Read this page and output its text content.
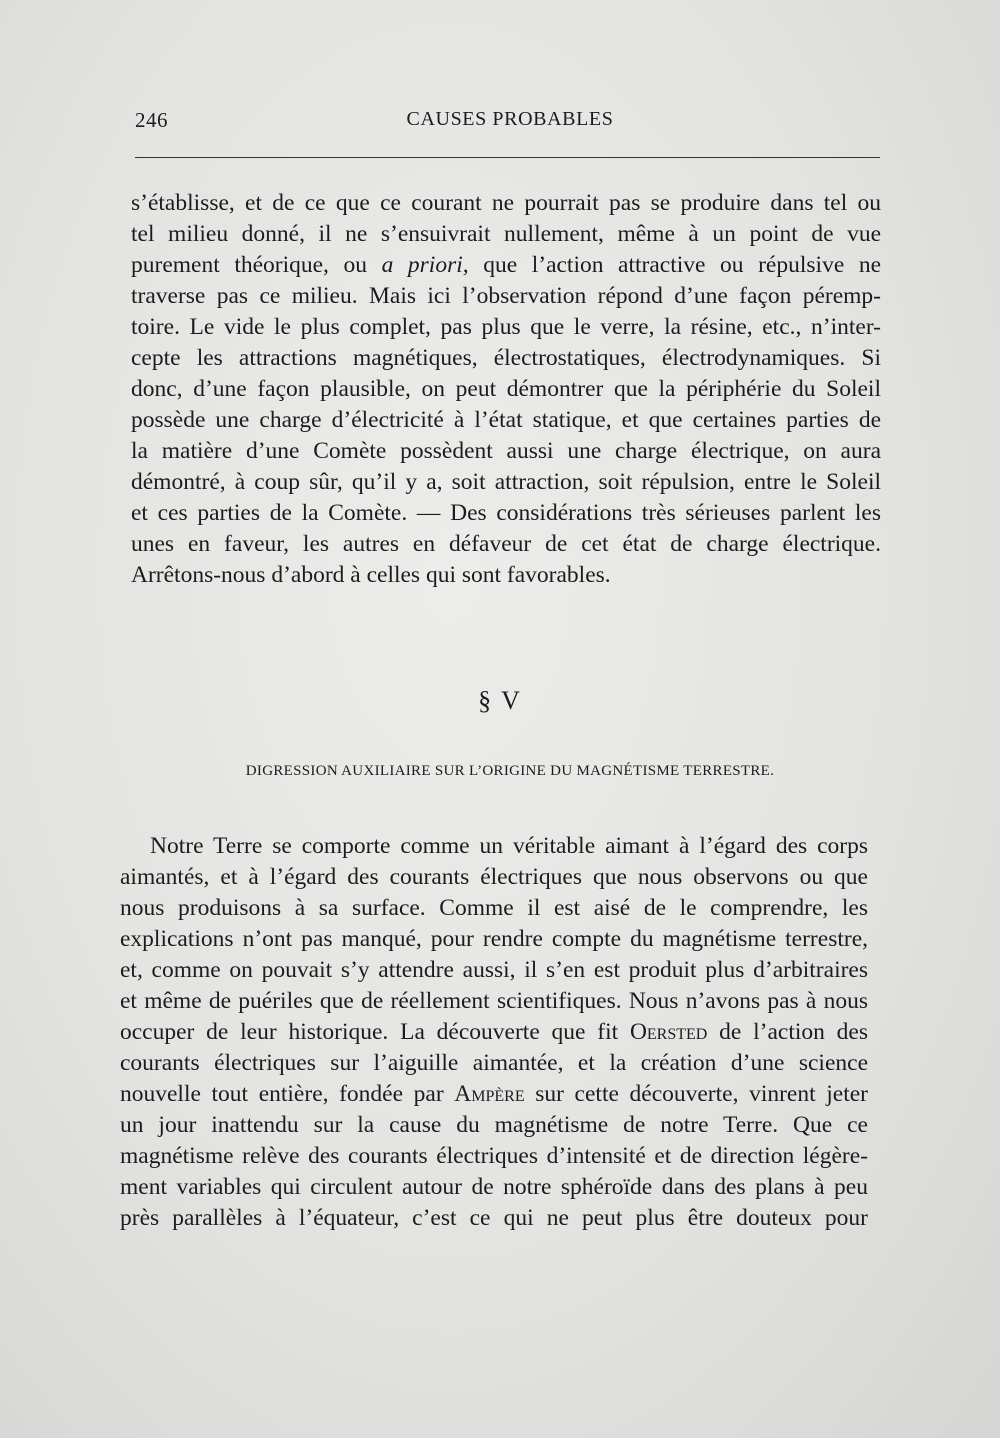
246	CAUSES PROBABLES
s’établisse, et de ce que ce courant ne pourrait pas se produire dans tel ou
tel milieu donné, il ne s’ensuivrait nullement, même à un point de vue
purement théorique, ou a priori, que l’action attractive ou répulsive ne
traverse pas ce milieu. Mais ici l’observation répond d’une façon péremp-
toire. Le vide le plus complet, pas plus que le verre, la résine, etc., n’inter-
cepte les attractions magnétiques, électrostatiques, électrodynamiques. Si
donc, d’une façon plausible, on peut démontrer que la périphérie du Soleil
possède une charge d’électricité à l’état statique, et que certaines parties de
la matière d’une Comète possèdent aussi une charge électrique, on aura
démontré, à coup sûr, qu’il y a, soit attraction, soit répulsion, entre le Soleil
et ces parties de la Comète. — Des considérations très sérieuses parlent les
unes en faveur, les autres en défaveur de cet état de charge électrique.
Arrêtons-nous d’abord à celles qui sont favorables.
§ V
DIGRESSION AUXILIAIRE SUR L’ORIGINE DU MAGNÉTISME TERRESTRE.
Notre Terre se comporte comme un véritable aimant à l’égard des corps
aimantés, et à l’égard des courants électriques que nous observons ou que
nous produisons à sa surface. Comme il est aisé de le comprendre, les
explications n’ont pas manqué, pour rendre compte du magnétisme terrestre,
et, comme on pouvait s’y attendre aussi, il s’en est produit plus d’arbitraires
et même de puériles que de réellement scientifiques. Nous n’avons pas à nous
occuper de leur historique. La découverte que fit Oersted de l’action des
courants électriques sur l’aiguille aimantée, et la création d’une science
nouvelle tout entière, fondée par Ampère sur cette découverte, vinrent jeter
un jour inattendu sur la cause du magnétisme de notre Terre. Que ce
magnétisme relève des courants électriques d’intensité et de direction légère-
ment variables qui circulent autour de notre sphéroïde dans des plans à peu
près parallèles à l’équateur, c’est ce qui ne peut plus être douteux pour
